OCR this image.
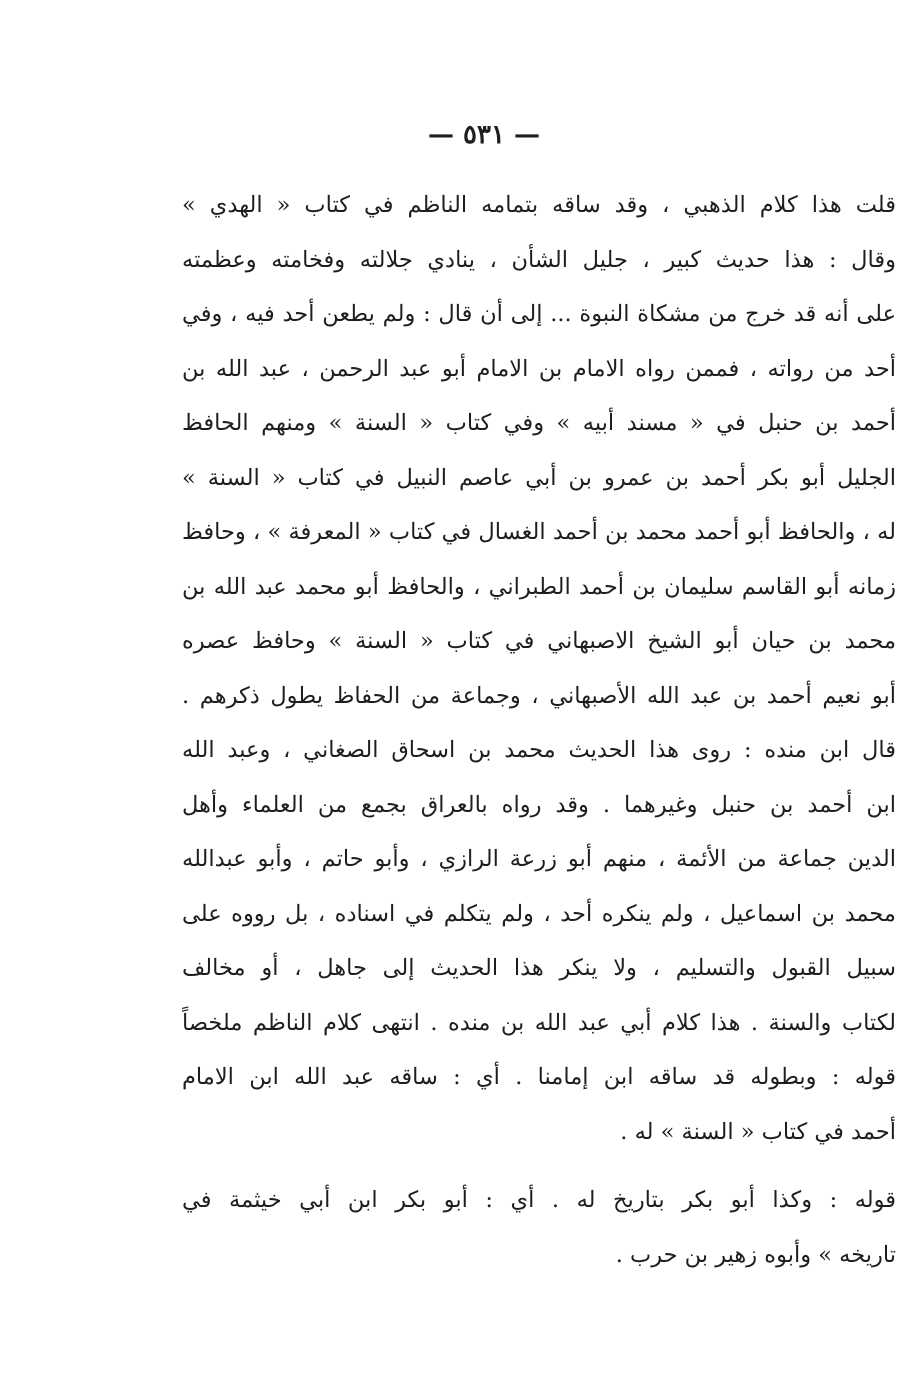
— ٥٣١ —
قلت هذا كلام الذهبي ، وقد ساقه بتمامه الناظم في كتاب « الهدي »
وقال : هذا حديث كبير ، جليل الشأن ، ينادي جلالته وفخامته وعظمته
على أنه قد خرج من مشكاة النبوة ... إلى أن قال : ولم يطعن أحد فيه ، وفي
أحد من رواته ، فممن رواه الامام بن الامام أبو عبد الرحمن ، عبد الله بن
أحمد بن حنبل في « مسند أبيه » وفي كتاب « السنة » ومنهم الحافظ
الجليل أبو بكر أحمد بن عمرو بن أبي عاصم النبيل في كتاب « السنة »
له ، والحافظ أبو أحمد محمد بن أحمد الغسال في كتاب « المعرفة » ، وحافظ
زمانه أبو القاسم سليمان بن أحمد الطبراني ، والحافظ أبو محمد عبد الله بن
محمد بن حيان أبو الشيخ الاصبهاني في كتاب « السنة » وحافظ عصره
أبو نعيم أحمد بن عبد الله الأصبهاني ، وجماعة من الحفاظ يطول ذكرهم .
قال ابن منده : روى هذا الحديث محمد بن اسحاق الصغاني ، وعبد الله
ابن أحمد بن حنبل وغيرهما . وقد رواه بالعراق بجمع من العلماء وأهل
الدين جماعة من الأئمة ، منهم أبو زرعة الرازي ، وأبو حاتم ، وأبو عبدالله
محمد بن اسماعيل ، ولم ينكره أحد ، ولم يتكلم في اسناده ، بل رووه على
سبيل القبول والتسليم ، ولا ينكر هذا الحديث إلى جاهل ، أو مخالف
لكتاب والسنة . هذا كلام أبي عبد الله بن منده . انتهى كلام الناظم ملخصاً
قوله : وبطوله قد ساقه ابن إمامنا . أي : ساقه عبد الله ابن الامام
أحمد في كتاب « السنة » له .
قوله : وكذا أبو بكر بتاريخ له . أي : أبو بكر ابن أبي خيثمة في
تاريخه » وأبوه زهير بن حرب .
